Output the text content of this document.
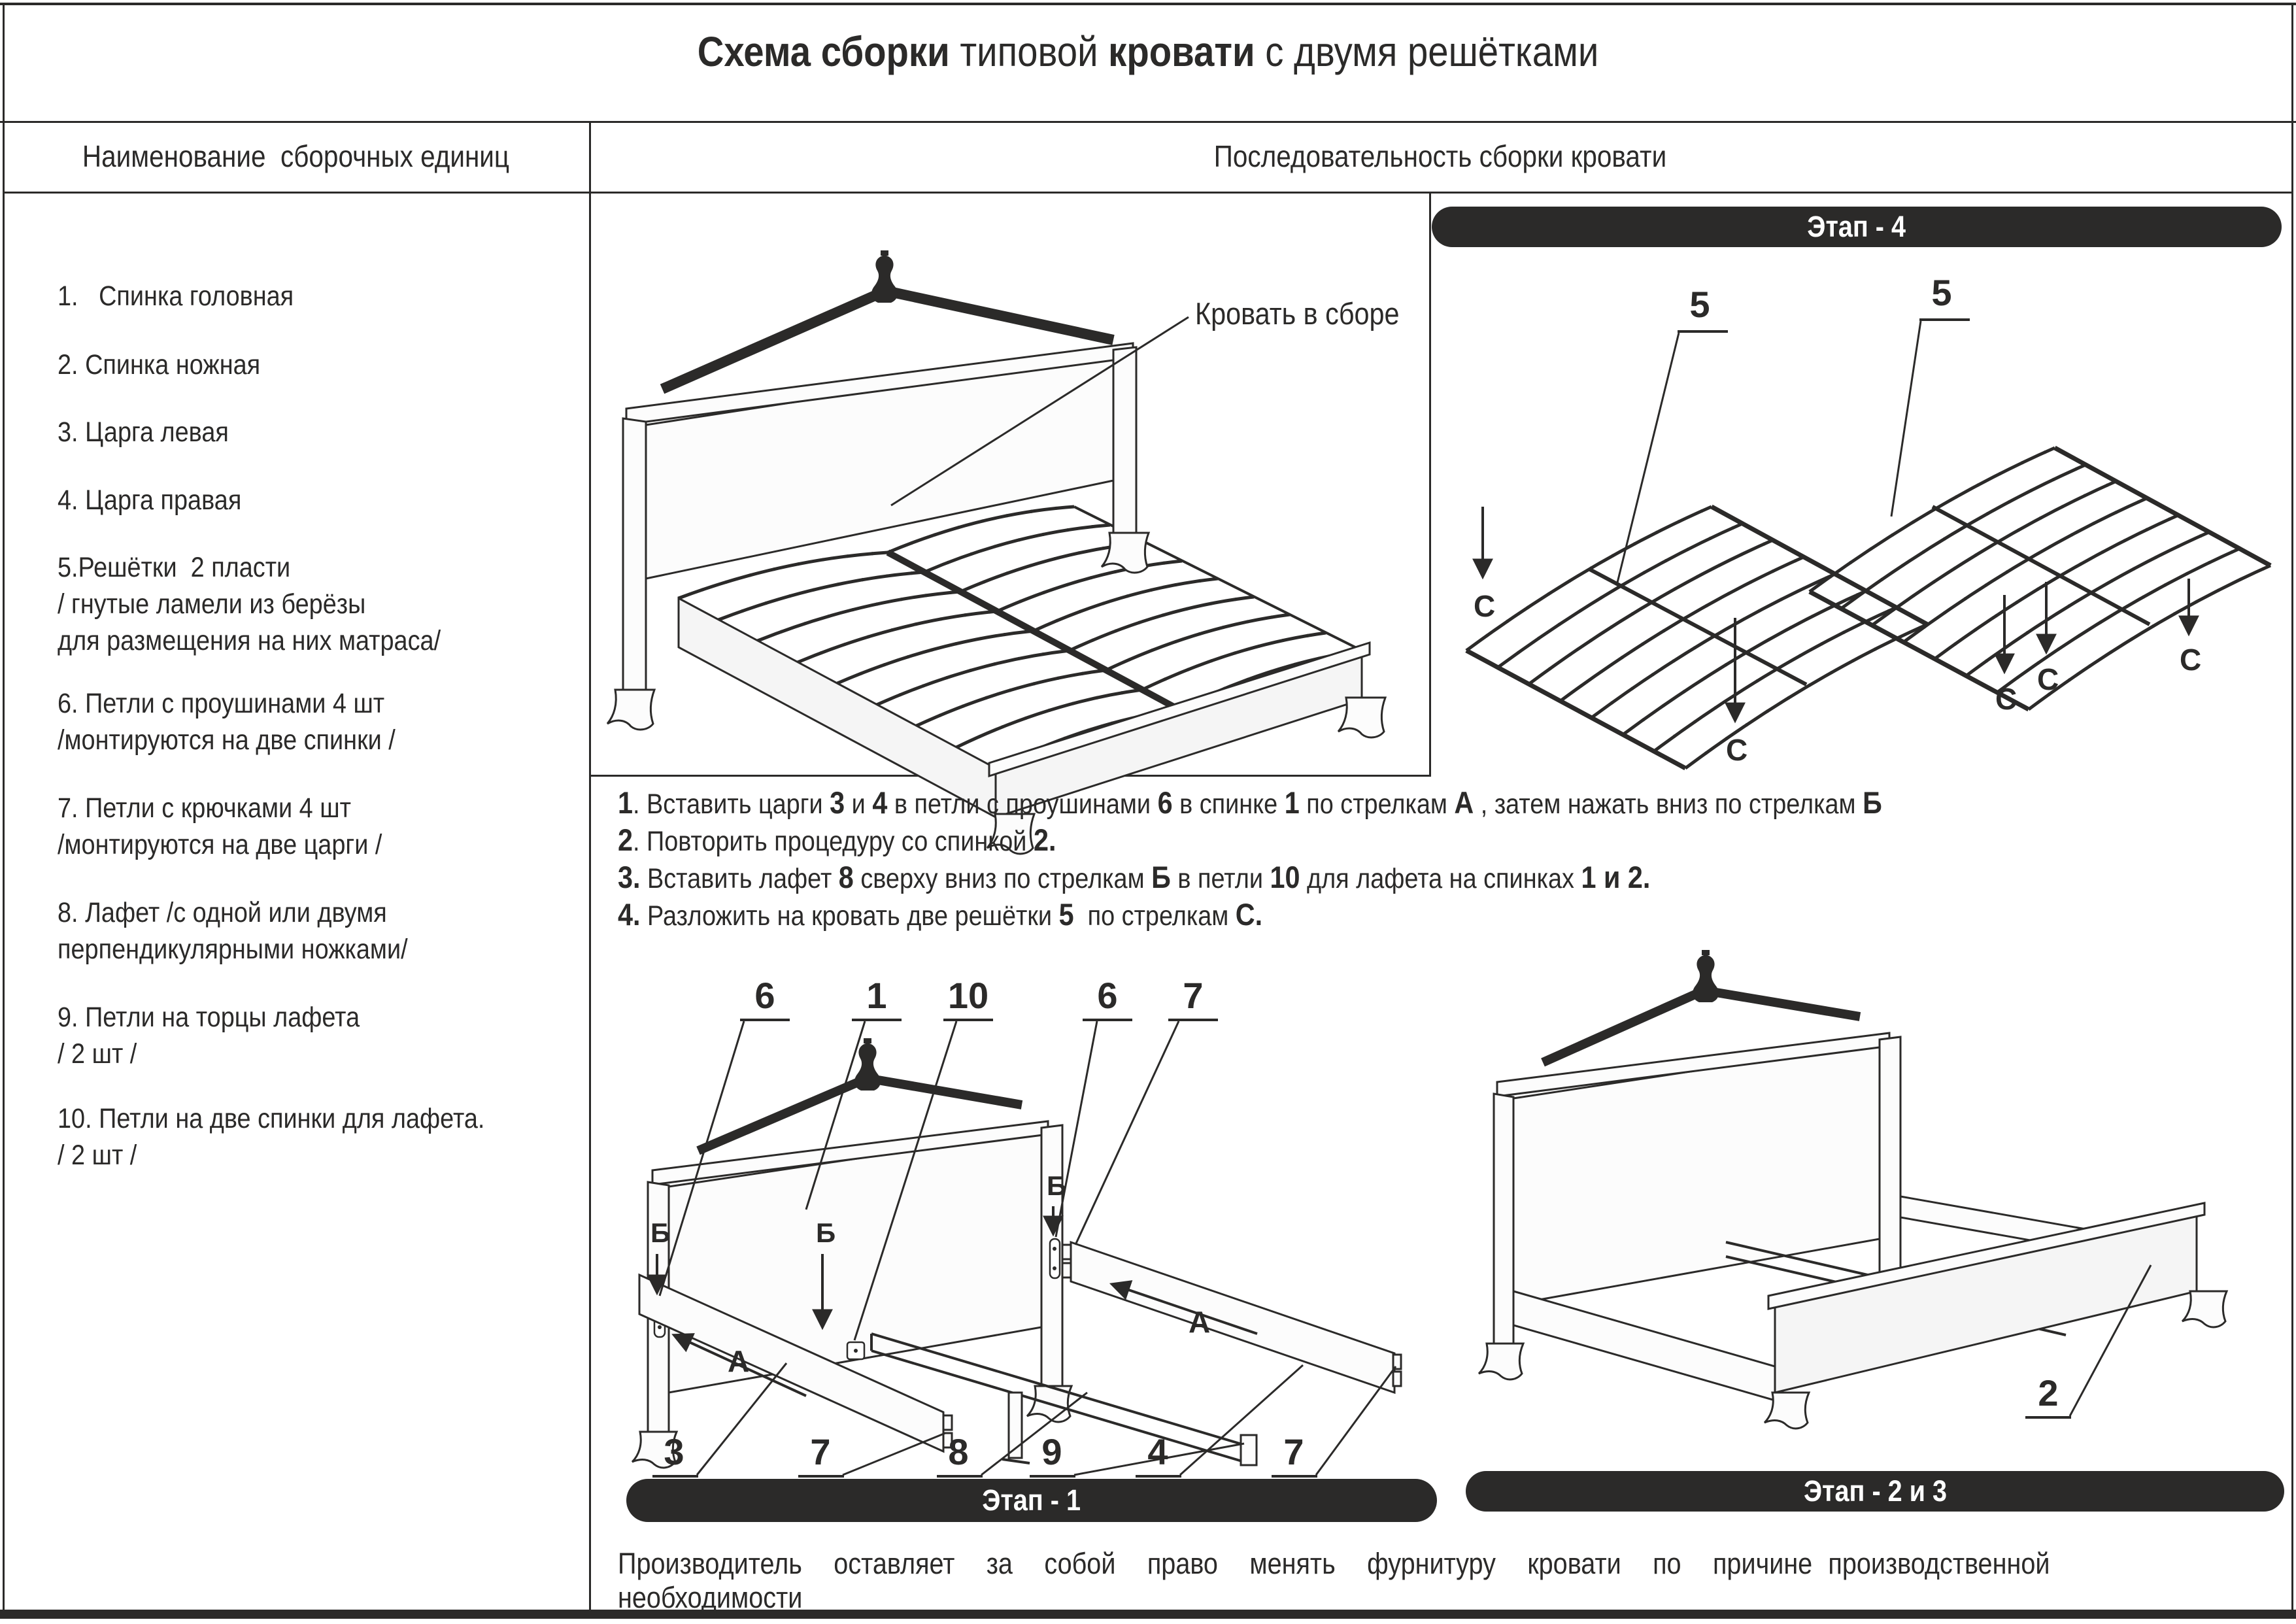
Схема сборки типовой кровати с двумя решётками
Наименование  сборочных единиц	Последовательность сборки кровати
1.   Спинка головная
2. Спинка ножная
3. Царга левая
4. Царга правая
5.Решётки  2 пласти
/ гнутые ламели из берёзы
для размещения на них матраса/
6. Петли с проушинами 4 шт
/монтируются на две спинки /
7. Петли с крючками 4 шт
/монтируются на две царги /
8. Лафет /с одной или двумя
перпендикулярными ножками/
9. Петли на торцы лафета
/ 2 шт /
10. Петли на две спинки для лафета.
/ 2 шт /
Кровать в сборе
Этап - 4
5	5
С
С
С
С
С
1. Вставить царги 3 и 4 в петли с проушинами 6 в спинке 1 по стрелкам А , затем нажать вниз по стрелкам Б
2. Повторить процедуру со спинкой 2.
3. Вставить лафет 8 сверху вниз по стрелкам Б в петли 10 для лафета на спинках 1 и 2.
4. Разложить на кровать две решётки 5  по стрелкам С.
6 1 10	6 7
Б	Б
Б
А
А
3	7	8 9 4	7
2
Этап - 1	Этап - 2 и 3
Производитель  оставляет  за  собой  право  менять  фурнитуру  кровати  по  причине производственной необходимости
